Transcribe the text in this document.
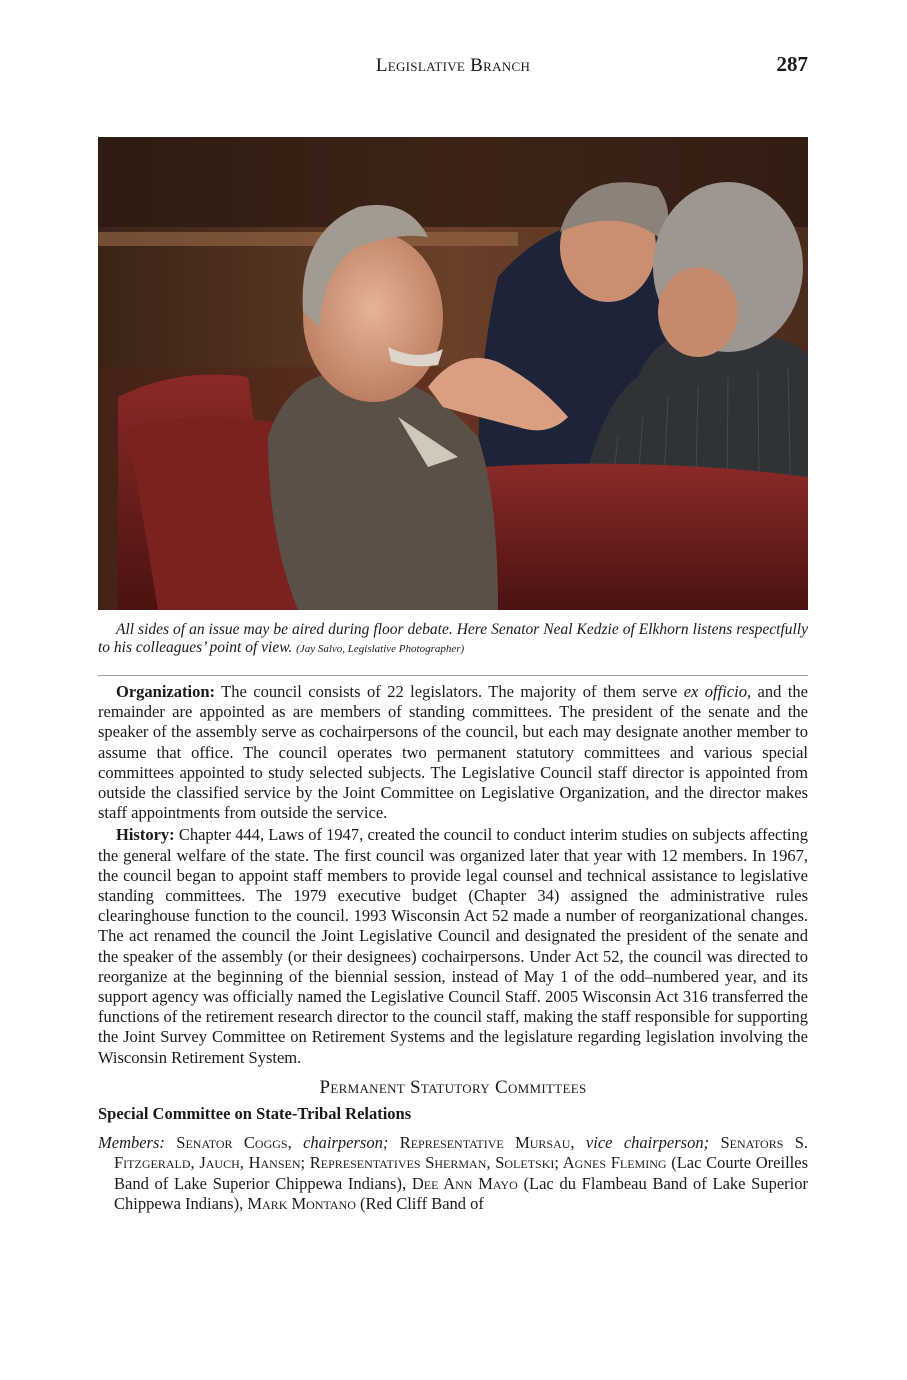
Legislative Branch	287
All sides of an issue may be aired during floor debate. Here Senator Neal Kedzie of Elkhorn listens respectfully to his colleagues’ point of view. (Jay Salvo, Legislative Photographer)

Organization: The council consists of 22 legislators. The majority of them serve ex officio, and the remainder are appointed as are members of standing committees. The president of the senate and the speaker of the assembly serve as cochairpersons of the council, but each may designate another member to assume that office. The council operates two permanent statutory committees and various special committees appointed to study selected subjects. The Legislative Council staff director is appointed from outside the classified service by the Joint Committee on Legislative Organization, and the director makes staff appointments from outside the service.

History: Chapter 444, Laws of 1947, created the council to conduct interim studies on subjects affecting the general welfare of the state. The first council was organized later that year with 12 members. In 1967, the council began to appoint staff members to provide legal counsel and technical assistance to legislative standing committees. The 1979 executive budget (Chapter 34) assigned the administrative rules clearinghouse function to the council. 1993 Wisconsin Act 52 made a number of reorganizational changes. The act renamed the council the Joint Legislative Council and designated the president of the senate and the speaker of the assembly (or their designees) cochairpersons. Under Act 52, the council was directed to reorganize at the beginning of the biennial session, instead of May 1 of the odd–numbered year, and its support agency was officially named the Legislative Council Staff. 2005 Wisconsin Act 316 transferred the functions of the retirement research director to the council staff, making the staff responsible for supporting the Joint Survey Committee on Retirement Systems and the legislature regarding legislation involving the Wisconsin Retirement System.

Permanent Statutory Committees
Special Committee on State-Tribal Relations
Members: Senator Coggs, chairperson; Representative Mursau, vice chairperson; Senators S. Fitzgerald, Jauch, Hansen; Representatives Sherman, Soletski; Agnes Fleming (Lac Courte Oreilles Band of Lake Superior Chippewa Indians), Dee Ann Mayo (Lac du Flambeau Band of Lake Superior Chippewa Indians), Mark Montano (Red Cliff Band of
